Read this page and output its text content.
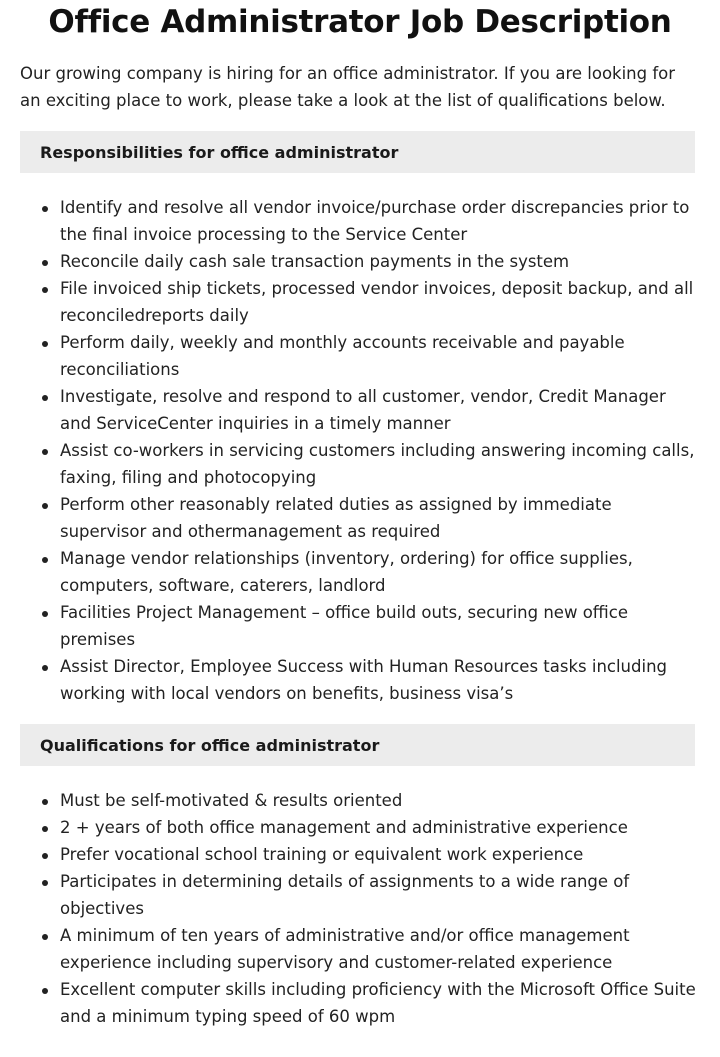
Office Administrator Job Description

Our growing company is hiring for an office administrator. If you are looking for an exciting place to work, please take a look at the list of qualifications below.

Responsibilities for office administrator
Identify and resolve all vendor invoice/purchase order discrepancies prior to the final invoice processing to the Service Center
Reconcile daily cash sale transaction payments in the system
File invoiced ship tickets, processed vendor invoices, deposit backup, and all reconciledreports daily
Perform daily, weekly and monthly accounts receivable and payable reconciliations
Investigate, resolve and respond to all customer, vendor, Credit Manager and ServiceCenter inquiries in a timely manner
Assist co-workers in servicing customers including answering incoming calls, faxing, filing and photocopying
Perform other reasonably related duties as assigned by immediate supervisor and othermanagement as required
Manage vendor relationships (inventory, ordering) for office supplies, computers, software, caterers, landlord
Facilities Project Management – office build outs, securing new office premises
Assist Director, Employee Success with Human Resources tasks including working with local vendors on benefits, business visa’s
Qualifications for office administrator
Must be self-motivated & results oriented
2 + years of both office management and administrative experience
Prefer vocational school training or equivalent work experience
Participates in determining details of assignments to a wide range of objectives
A minimum of ten years of administrative and/or office management experience including supervisory and customer-related experience
Excellent computer skills including proficiency with the Microsoft Office Suite and a minimum typing speed of 60 wpm
